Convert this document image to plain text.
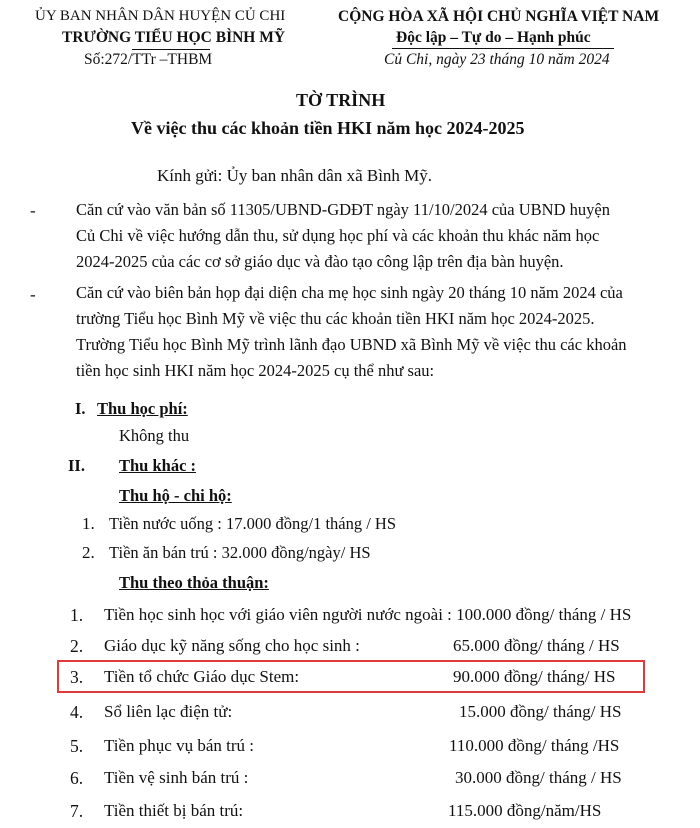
ỦY BAN NHÂN DÂN HUYỆN CỦ CHI
TRƯỜNG TIỂU HỌC BÌNH MỸ
Số:272/TTr –THBM
CỘNG HÒA XÃ HỘI CHỦ NGHĨA VIỆT NAM
Độc lập – Tự do – Hạnh phúc
Củ Chi, ngày 23 tháng 10 năm 2024
TỜ TRÌNH
Về việc thu các khoản tiền HKI năm học 2024-2025
Kính gửi: Ủy ban nhân dân xã Bình Mỹ.
- Căn cứ vào văn bản số 11305/UBND-GDĐT ngày 11/10/2024 của UBND huyện
Củ Chi về việc hướng dẫn thu, sử dụng học phí và các khoản thu khác năm học
2024-2025 của các cơ sở giáo dục và đào tạo công lập trên địa bàn huyện.
- Căn cứ vào biên bản họp đại diện cha mẹ học sinh ngày 20 tháng 10 năm 2024 của
trường Tiểu học Bình Mỹ về việc thu các khoản tiền HKI năm học 2024-2025.
Trường Tiểu học Bình Mỹ trình lãnh đạo UBND xã Bình Mỹ về việc thu các khoản
tiền học sinh HKI năm học 2024-2025 cụ thể như sau:
I. Thu học phí:
Không thu
II. Thu khác :
Thu hộ - chi hộ:
1. Tiền nước uống : 17.000 đồng/1 tháng / HS
2. Tiền ăn bán trú : 32.000 đồng/ngày/ HS
Thu theo thỏa thuận:
1. Tiền học sinh học với giáo viên người nước ngoài : 100.000 đồng/ tháng / HS
2. Giáo dục kỹ năng sống cho học sinh :	65.000 đồng/ tháng / HS
3. Tiền tổ chức Giáo dục Stem:	90.000 đồng/ tháng/ HS
4. Sổ liên lạc điện tử:	15.000 đồng/ tháng/ HS
5. Tiền phục vụ bán trú :	110.000 đồng/ tháng /HS
6. Tiền vệ sinh bán trú :	30.000 đồng/ tháng / HS
7. Tiền thiết bị bán trú:	115.000 đồng/năm/HS
